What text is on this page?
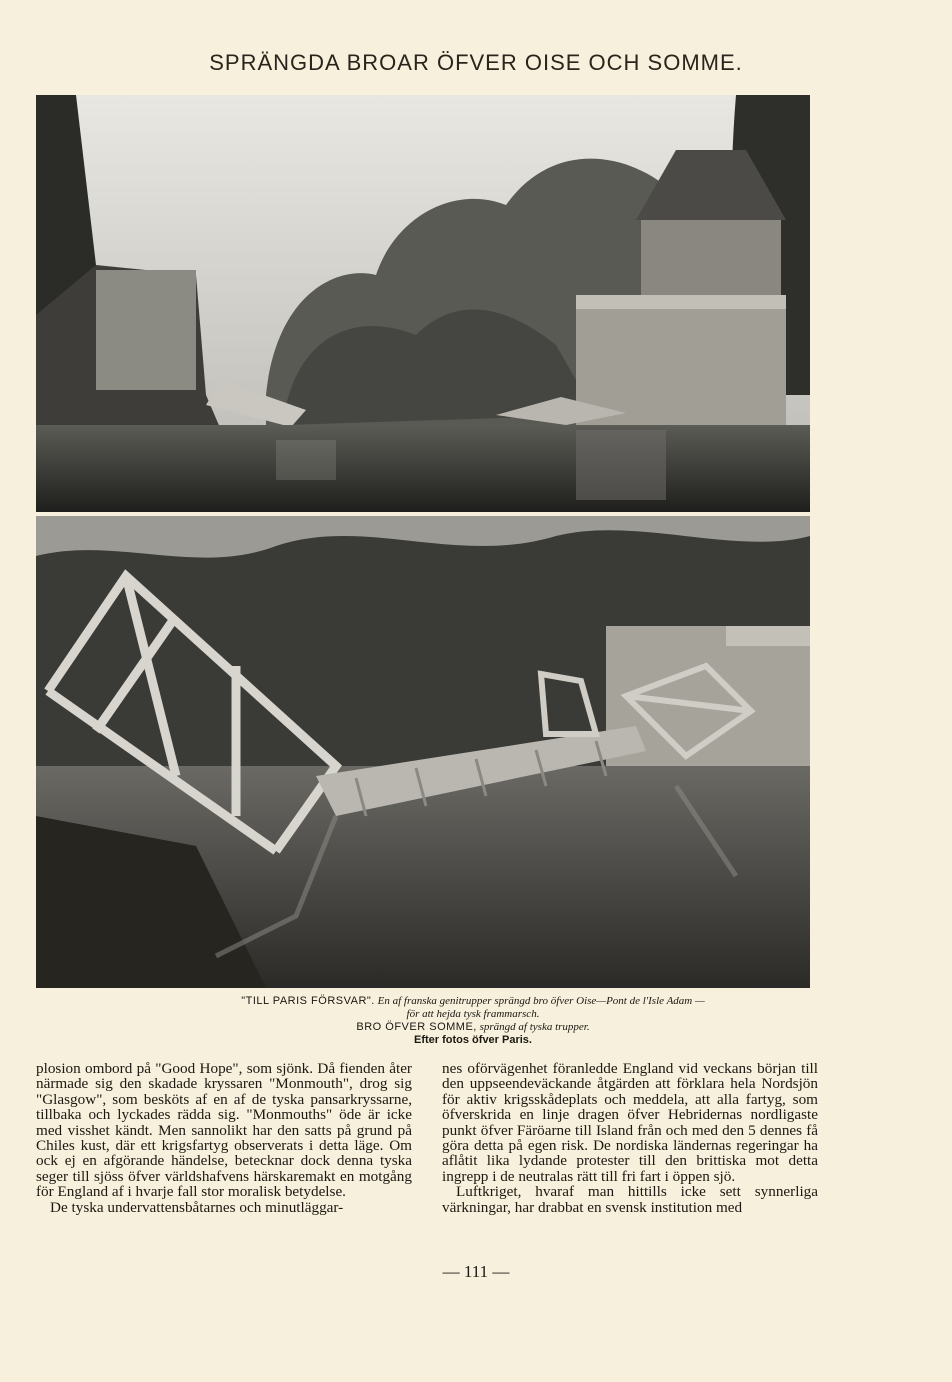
SPRÄNGDA BROAR ÖFVER OISE OCH SOMME.
"TILL PARIS FÖRSVAR". En af franska genitrupper sprängd bro öfver Oise—Pont de l'Isle Adam —
för att hejda tysk frammarsch.
BRO ÖFVER SOMME, sprängd af tyska trupper.
Efter fotos öfver Paris.

plosion ombord på "Good Hope", som sjönk. Då fienden åter närmade sig den skadade kryssaren "Monmouth", drog sig "Glasgow", som besköts af en af de tyska pansarkryssarne, tillbaka och lyckades rädda sig. "Monmouths" öde är icke med visshet kändt. Men sannolikt har den satts på grund på Chiles kust, där ett krigsfartyg observerats i detta läge. Om ock ej en afgörande händelse, betecknar dock denna tyska seger till sjöss öfver världshafvens härskaremakt en motgång för England af i hvarje fall stor moralisk betydelse.

De tyska undervattensbåtarnes och minutläggar-

nes oförvägenhet föranledde England vid veckans början till den uppseendeväckande åtgärden att förklara hela Nordsjön för aktiv krigsskådeplats och meddela, att alla fartyg, som öfverskrida en linje dragen öfver Hebridernas nordligaste punkt öfver Färöarne till Island från och med den 5 dennes få göra detta på egen risk. De nordiska ländernas regeringar ha aflåtit lika lydande protester till den brittiska mot detta ingrepp i de neutralas rätt till fri fart i öppen sjö.

Luftkriget, hvaraf man hittills icke sett synnerliga värkningar, har drabbat en svensk institution med

— 111 —
